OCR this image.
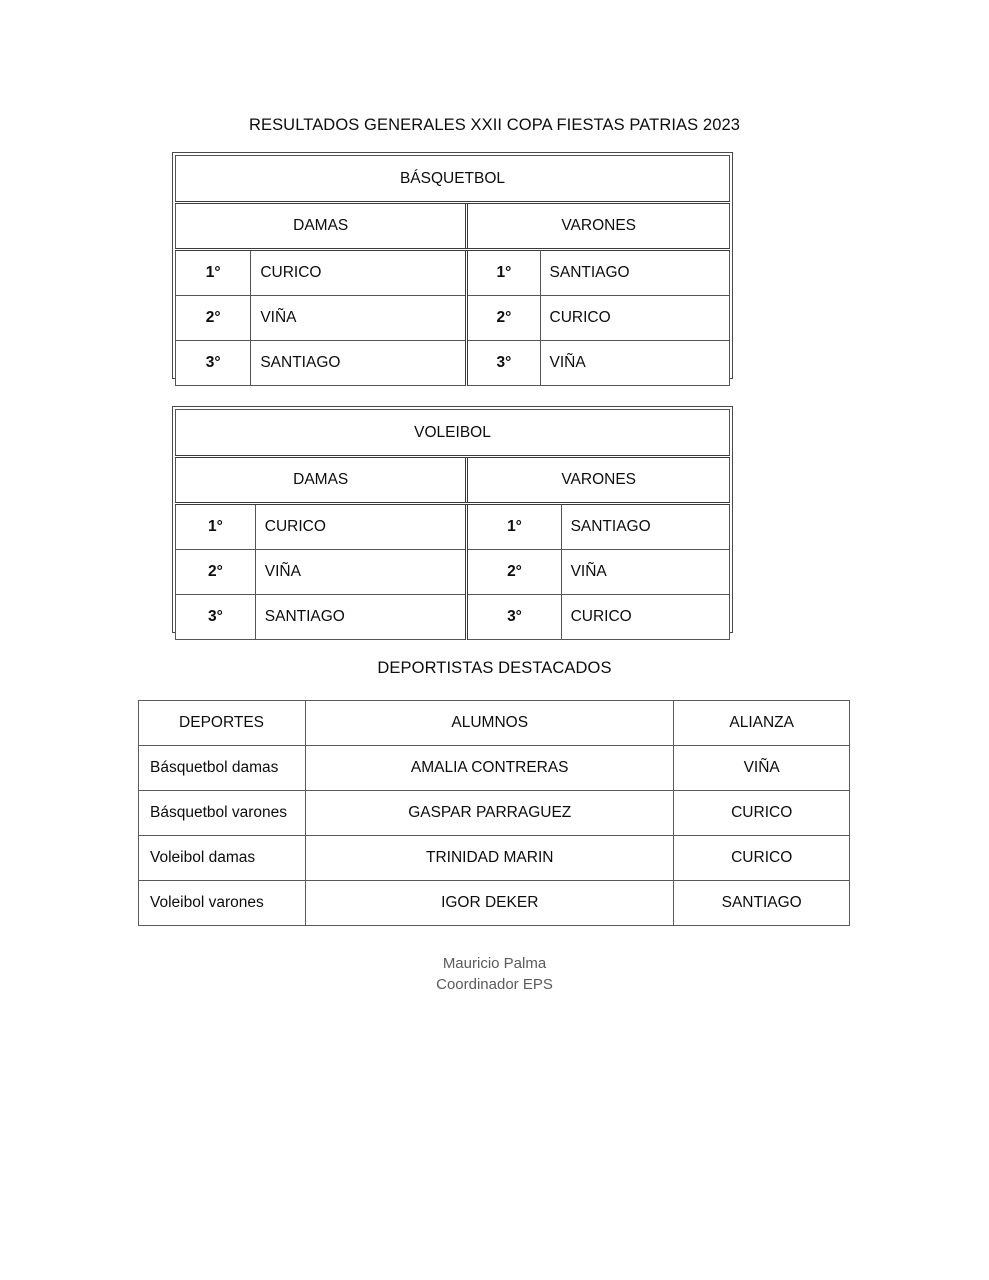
RESULTADOS GENERALES XXII COPA FIESTAS PATRIAS 2023
BÁSQUETBOL			
DAMAS		VARONES	
1°	CURICO	1°	SANTIAGO
2°	VIÑA	2°	CURICO
3°	SANTIAGO	3°	VIÑA
VOLEIBOL			
DAMAS		VARONES	
1°	CURICO	1°	SANTIAGO
2°	VIÑA	2°	VIÑA
3°	SANTIAGO	3°	CURICO
DEPORTISTAS DESTACADOS
DEPORTES	ALUMNOS	ALIANZA
Básquetbol damas	AMALIA CONTRERAS	VIÑA
Básquetbol varones	GASPAR PARRAGUEZ	CURICO
Voleibol damas	TRINIDAD MARIN	CURICO
Voleibol varones	IGOR DEKER	SANTIAGO
Mauricio Palma
Coordinador EPS
